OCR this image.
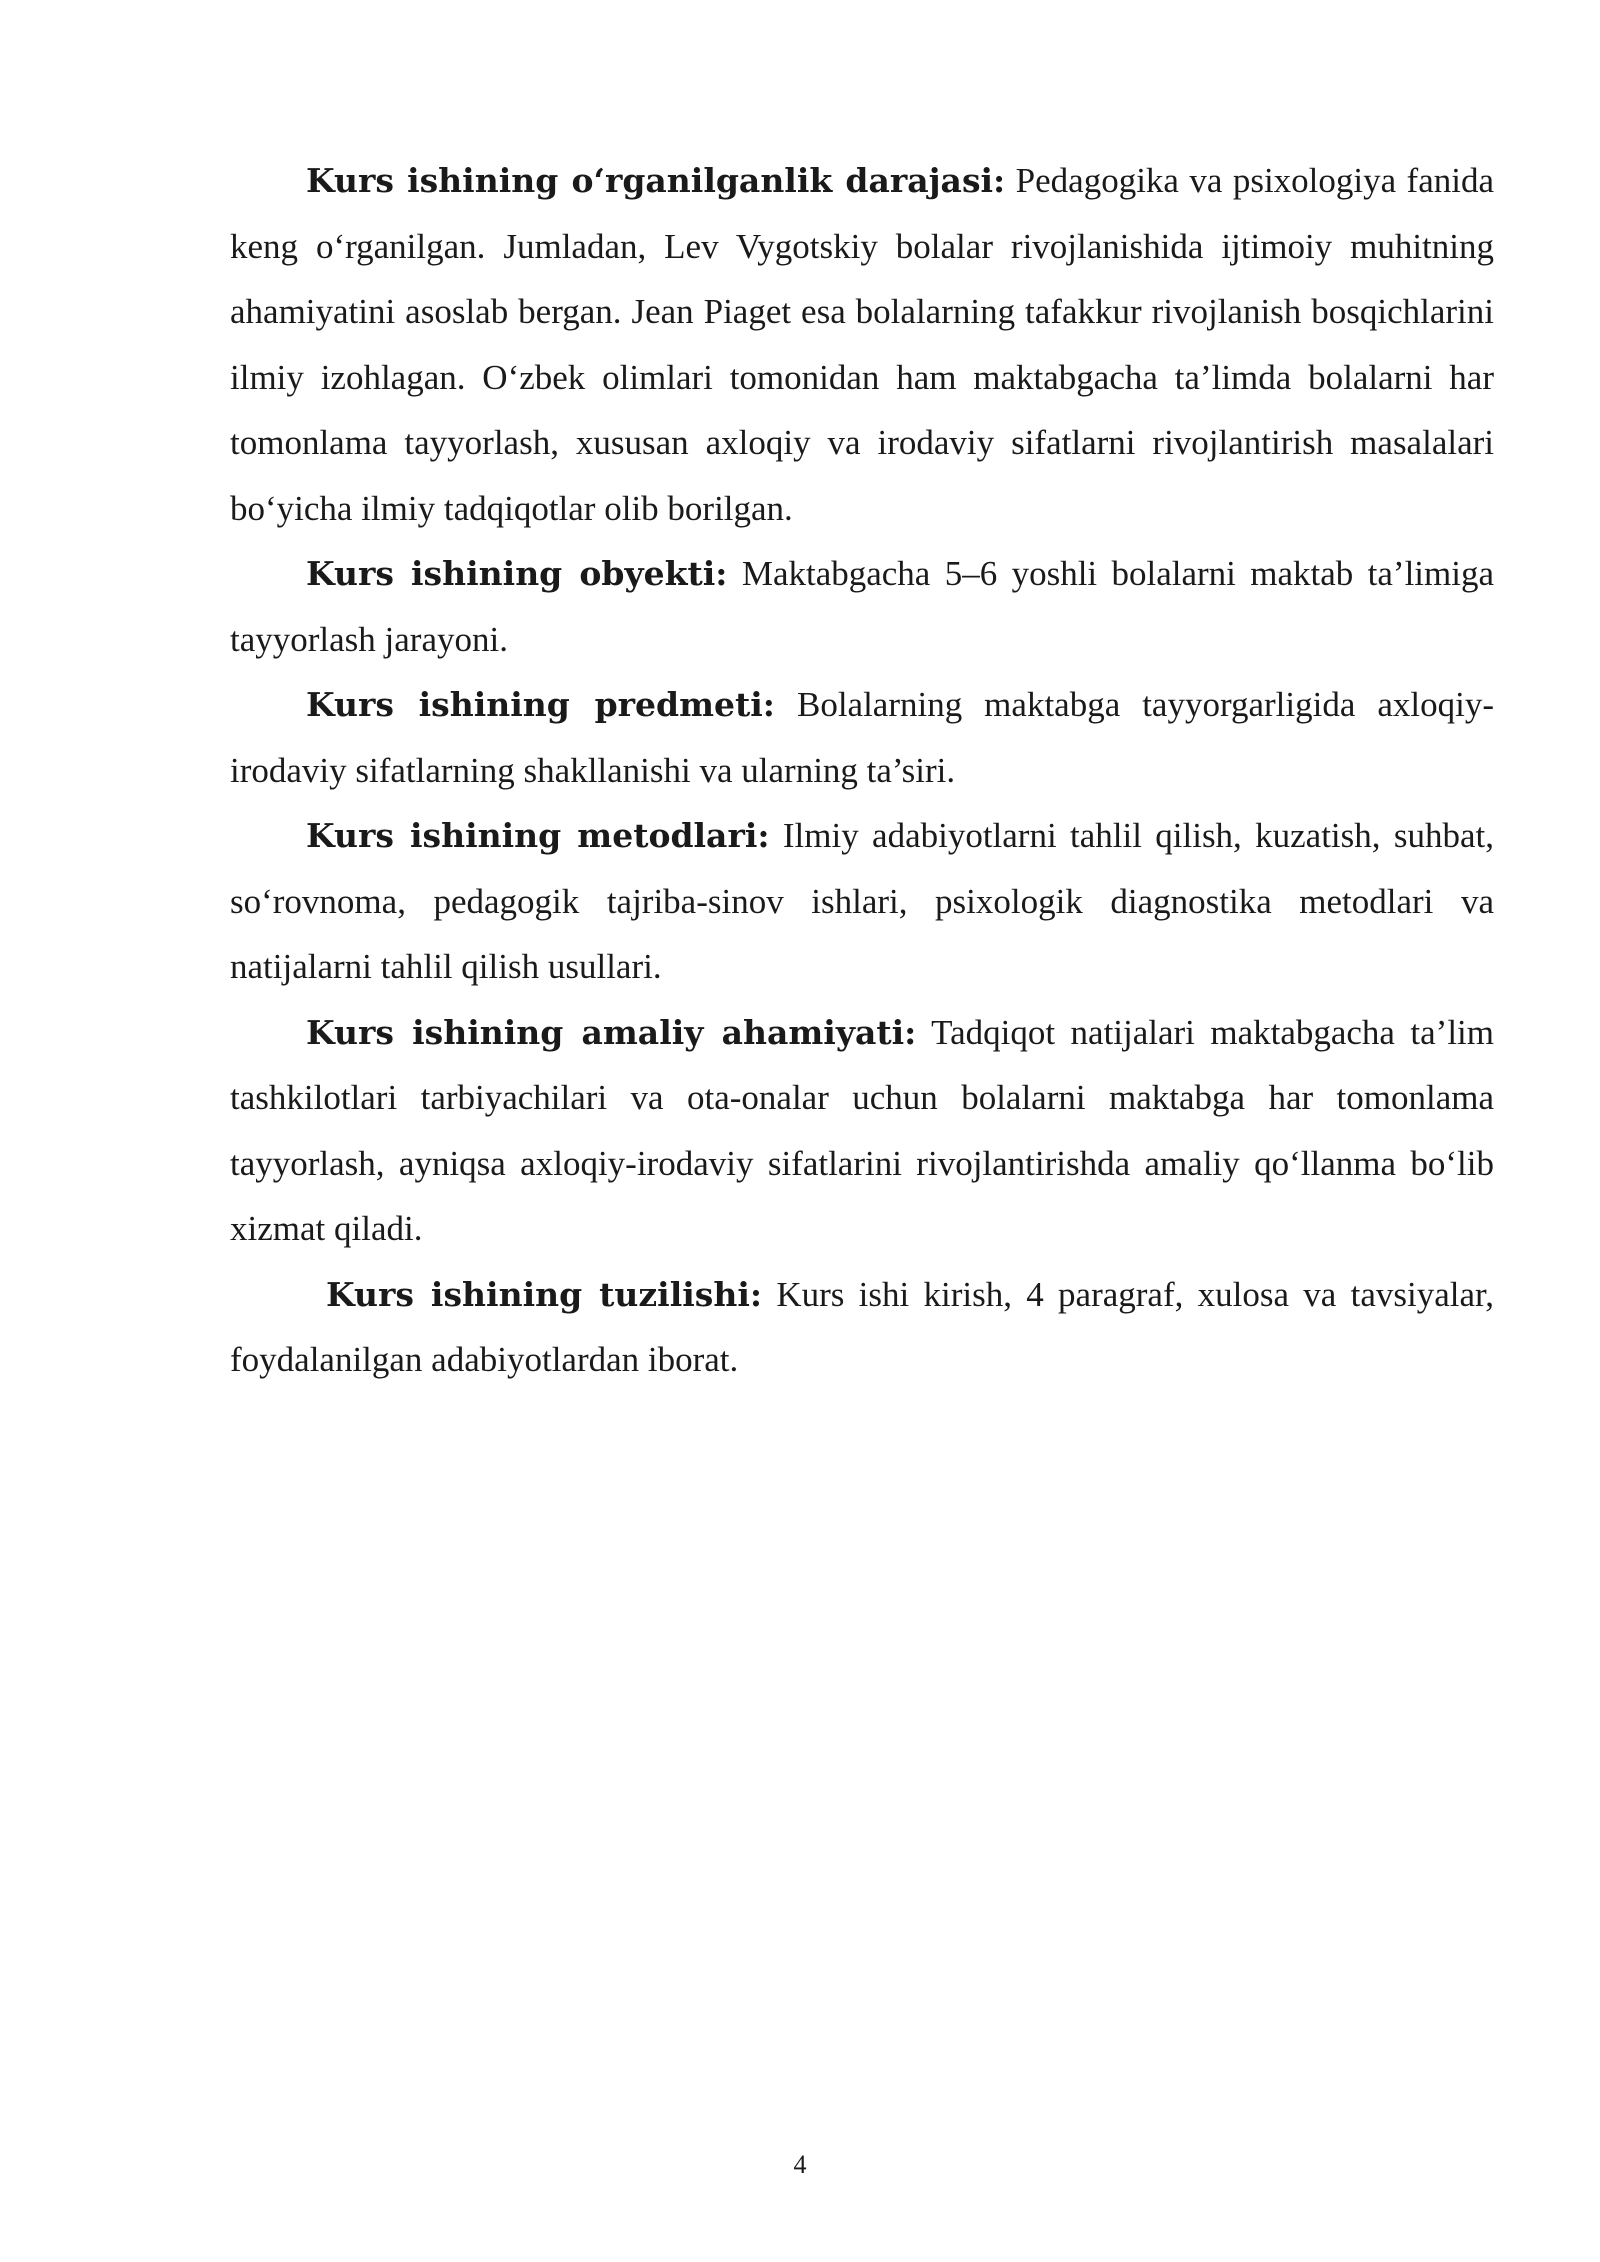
Kurs ishining o‘rganilganlik darajasi: Pedagogika va psixologiya fanida keng o‘rganilgan. Jumladan, Lev Vygotskiy bolalar rivojlanishida ijtimoiy muhitning ahamiyatini asoslab bergan. Jean Piaget esa bolalarning tafakkur rivojlanish bosqichlarini ilmiy izohlagan. O‘zbek olimlari tomonidan ham maktabgacha ta’limda bolalarni har tomonlama tayyorlash, xususan axloqiy va irodaviy sifatlarni rivojlantirish masalalari bo‘yicha ilmiy tadqiqotlar olib borilgan.

Kurs ishining obyekti: Maktabgacha 5–6 yoshli bolalarni maktab ta’limiga tayyorlash jarayoni.

Kurs ishining predmeti: Bolalarning maktabga tayyorgarligida axloqiy-irodaviy sifatlarning shakllanishi va ularning ta’siri.

Kurs ishining metodlari: Ilmiy adabiyotlarni tahlil qilish, kuzatish, suhbat, so‘rovnoma, pedagogik tajriba-sinov ishlari, psixologik diagnostika metodlari va natijalarni tahlil qilish usullari.

Kurs ishining amaliy ahamiyati: Tadqiqot natijalari maktabgacha ta’lim tashkilotlari tarbiyachilari va ota-onalar uchun bolalarni maktabga har tomonlama tayyorlash, ayniqsa axloqiy-irodaviy sifatlarini rivojlantirishda amaliy qo‘llanma bo‘lib xizmat qiladi.

Kurs ishining tuzilishi: Kurs ishi kirish, 4 paragraf, xulosa va tavsiyalar, foydalanilgan adabiyotlardan iborat.

4
